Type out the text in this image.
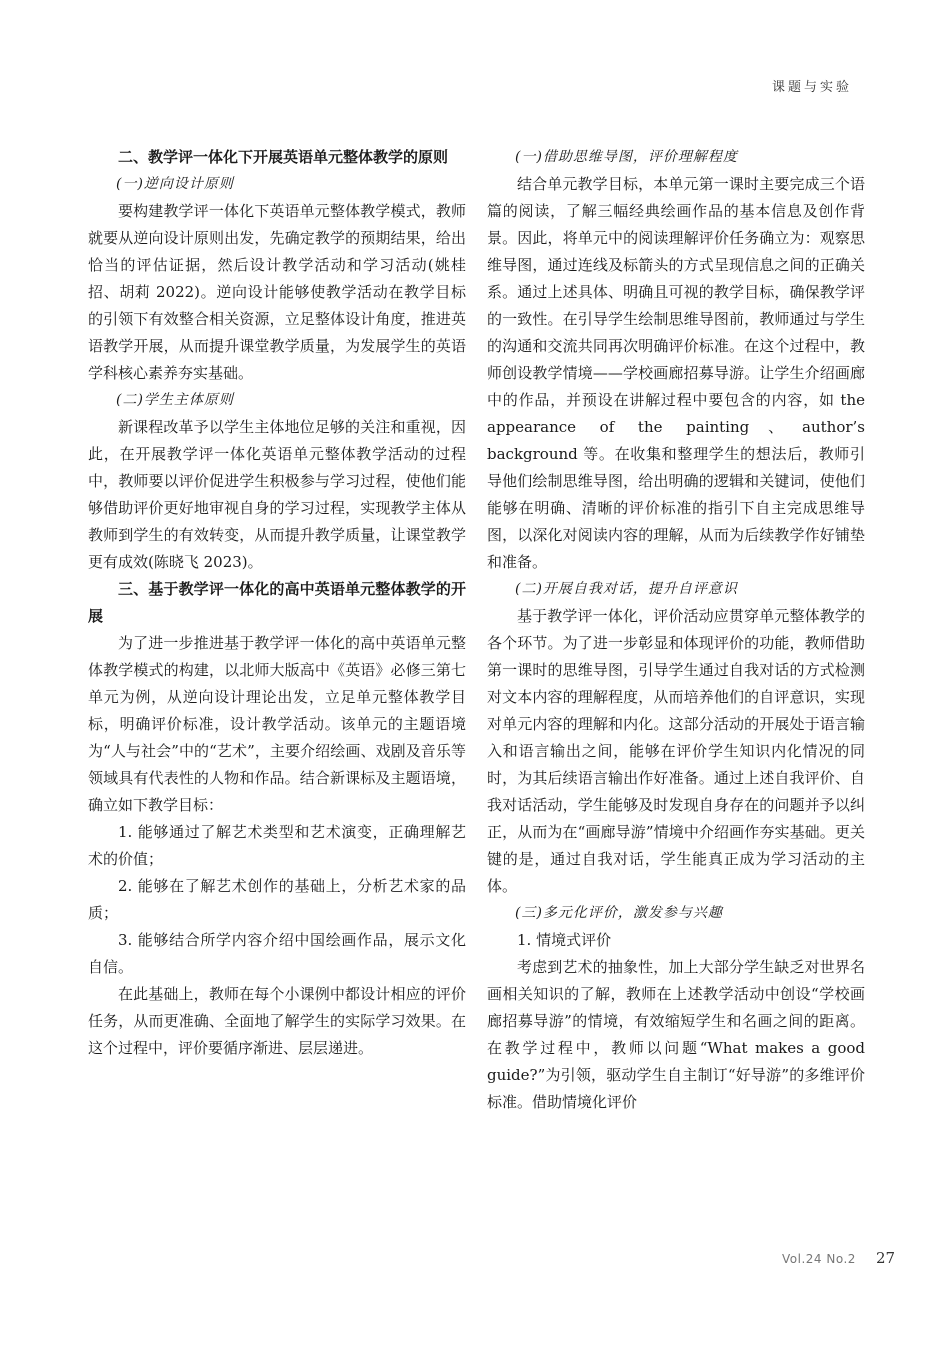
课题与实验
二、教学评一体化下开展英语单元整体教学的原则
(一)逆向设计原则

要构建教学评一体化下英语单元整体教学模式，教师就要从逆向设计原则出发，先确定教学的预期结果，给出恰当的评估证据，然后设计教学活动和学习活动(姚桂招、胡莉 2022)。逆向设计能够使教学活动在教学目标的引领下有效整合相关资源，立足整体设计角度，推进英语教学开展，从而提升课堂教学质量，为发展学生的英语学科核心素养夯实基础。

(二)学生主体原则

新课程改革予以学生主体地位足够的关注和重视，因此，在开展教学评一体化英语单元整体教学活动的过程中，教师要以评价促进学生积极参与学习过程，使他们能够借助评价更好地审视自身的学习过程，实现教学主体从教师到学生的有效转变，从而提升教学质量，让课堂教学更有成效(陈晓飞 2023)。

三、基于教学评一体化的高中英语单元整体教学的开展

为了进一步推进基于教学评一体化的高中英语单元整体教学模式的构建，以北师大版高中《英语》必修三第七单元为例，从逆向设计理论出发，立足单元整体教学目标，明确评价标准，设计教学活动。该单元的主题语境为“人与社会”中的“艺术”，主要介绍绘画、戏剧及音乐等领域具有代表性的人物和作品。结合新课标及主题语境，确立如下教学目标：

1. 能够通过了解艺术类型和艺术演变，正确理解艺术的价值；

2. 能够在了解艺术创作的基础上，分析艺术家的品质；

3. 能够结合所学内容介绍中国绘画作品，展示文化自信。

在此基础上，教师在每个小课例中都设计相应的评价任务，从而更准确、全面地了解学生的实际学习效果。在这个过程中，评价要循序渐进、层层递进。

(一)借助思维导图，评价理解程度

结合单元教学目标，本单元第一课时主要完成三个语篇的阅读，了解三幅经典绘画作品的基本信息及创作背景。因此，将单元中的阅读理解评价任务确立为：观察思维导图，通过连线及标箭头的方式呈现信息之间的正确关系。通过上述具体、明确且可视的教学目标，确保教学评的一致性。在引导学生绘制思维导图前，教师通过与学生的沟通和交流共同再次明确评价标准。在这个过程中，教师创设教学情境——学校画廊招募导游。让学生介绍画廊中的作品，并预设在讲解过程中要包含的内容，如 the appearance of the painting、author’s background 等。在收集和整理学生的想法后，教师引导他们绘制思维导图，给出明确的逻辑和关键词，使他们能够在明确、清晰的评价标准的指引下自主完成思维导图，以深化对阅读内容的理解，从而为后续教学作好铺垫和准备。

(二)开展自我对话，提升自评意识

基于教学评一体化，评价活动应贯穿单元整体教学的各个环节。为了进一步彰显和体现评价的功能，教师借助第一课时的思维导图，引导学生通过自我对话的方式检测对文本内容的理解程度，从而培养他们的自评意识，实现对单元内容的理解和内化。这部分活动的开展处于语言输入和语言输出之间，能够在评价学生知识内化情况的同时，为其后续语言输出作好准备。通过上述自我评价、自我对话活动，学生能够及时发现自身存在的问题并予以纠正，从而为在“画廊导游”情境中介绍画作夯实基础。更关键的是，通过自我对话，学生能真正成为学习活动的主体。

(三)多元化评价，激发参与兴趣

1. 情境式评价

考虑到艺术的抽象性，加上大部分学生缺乏对世界名画相关知识的了解，教师在上述教学活动中创设“学校画廊招募导游”的情境，有效缩短学生和名画之间的距离。在教学过程中，教师以问题“What makes a good guide?”为引领，驱动学生自主制订“好导游”的多维评价标准。借助情境化评价

Vol.24 No.2 27
